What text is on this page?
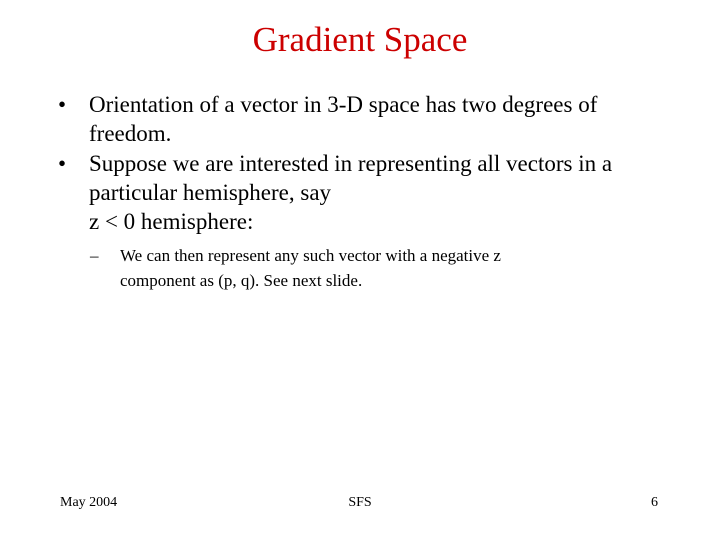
Gradient Space
• Orientation of a vector in 3-D space has two degrees of
freedom.
• Suppose we are interested in representing all vectors in a
particular hemisphere, say
z < 0 hemisphere:
– We can then represent any such vector with a negative z
component as (p, q). See next slide.
May 2004	SFS	6
